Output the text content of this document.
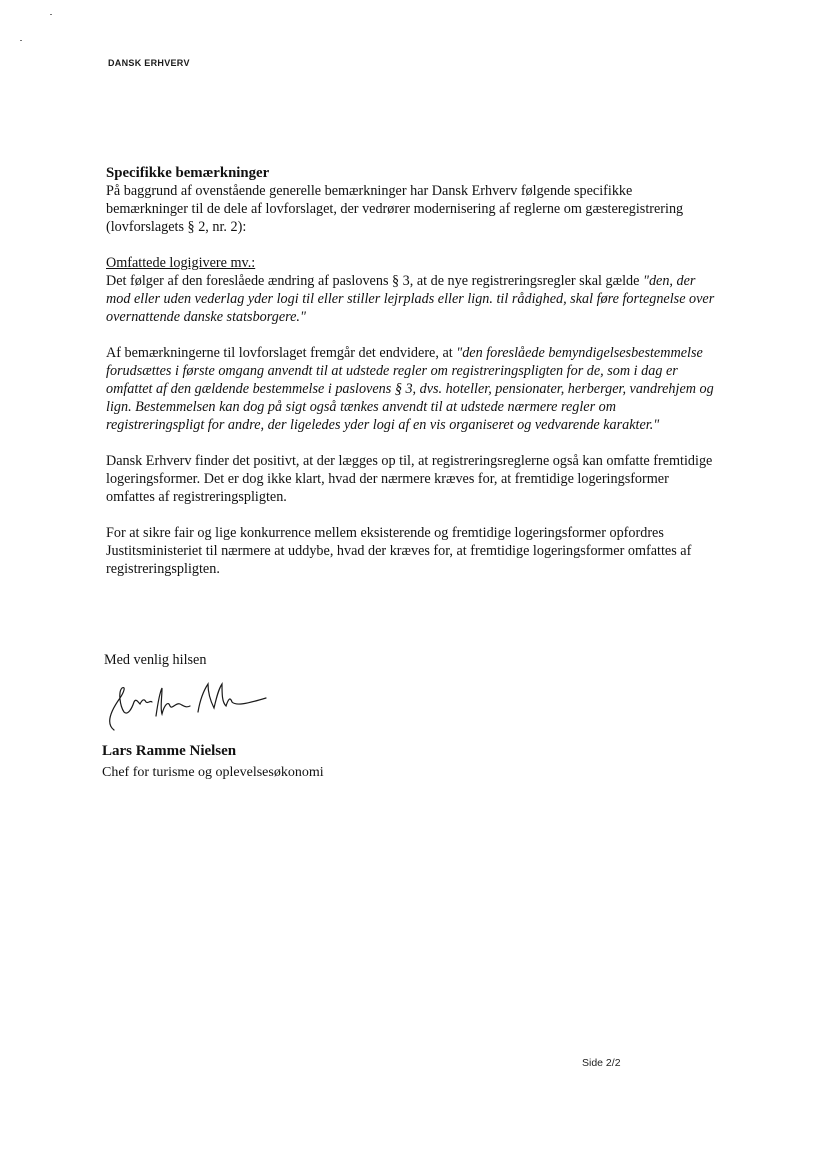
DANSK ERHVERV

Specifikke bemærkninger

På baggrund af ovenstående generelle bemærkninger har Dansk Erhverv følgende specifikke bemærkninger til de dele af lovforslaget, der vedrører modernisering af reglerne om gæsteregistrering (lovforslagets § 2, nr. 2):

Omfattede logigivere mv.:

Det følger af den foreslåede ændring af paslovens § 3, at de nye registreringsregler skal gælde "den, der mod eller uden vederlag yder logi til eller stiller lejrplads eller lign. til rådighed, skal føre fortegnelse over overnattende danske statsborgere."

Af bemærkningerne til lovforslaget fremgår det endvidere, at "den foreslåede bemyndigelsesbestemmelse forudsættes i første omgang anvendt til at udstede regler om registreringspligten for de, som i dag er omfattet af den gældende bestemmelse i paslovens § 3, dvs. hoteller, pensionater, herberger, vandrehjem og lign. Bestemmelsen kan dog på sigt også tænkes anvendt til at udstede nærmere regler om registreringspligt for andre, der ligeledes yder logi af en vis organiseret og vedvarende karakter."

Dansk Erhverv finder det positivt, at der lægges op til, at registreringsreglerne også kan omfatte fremtidige logeringsformer. Det er dog ikke klart, hvad der nærmere kræves for, at fremtidige logeringsformer omfattes af registreringspligten.

For at sikre fair og lige konkurrence mellem eksisterende og fremtidige logeringsformer opfordres Justitsministeriet til nærmere at uddybe, hvad der kræves for, at fremtidige logeringsformer omfattes af registreringspligten.

Med venlig hilsen

Lars Ramme Nielsen

Chef for turisme og oplevelsesøkonomi

Side 2/2
